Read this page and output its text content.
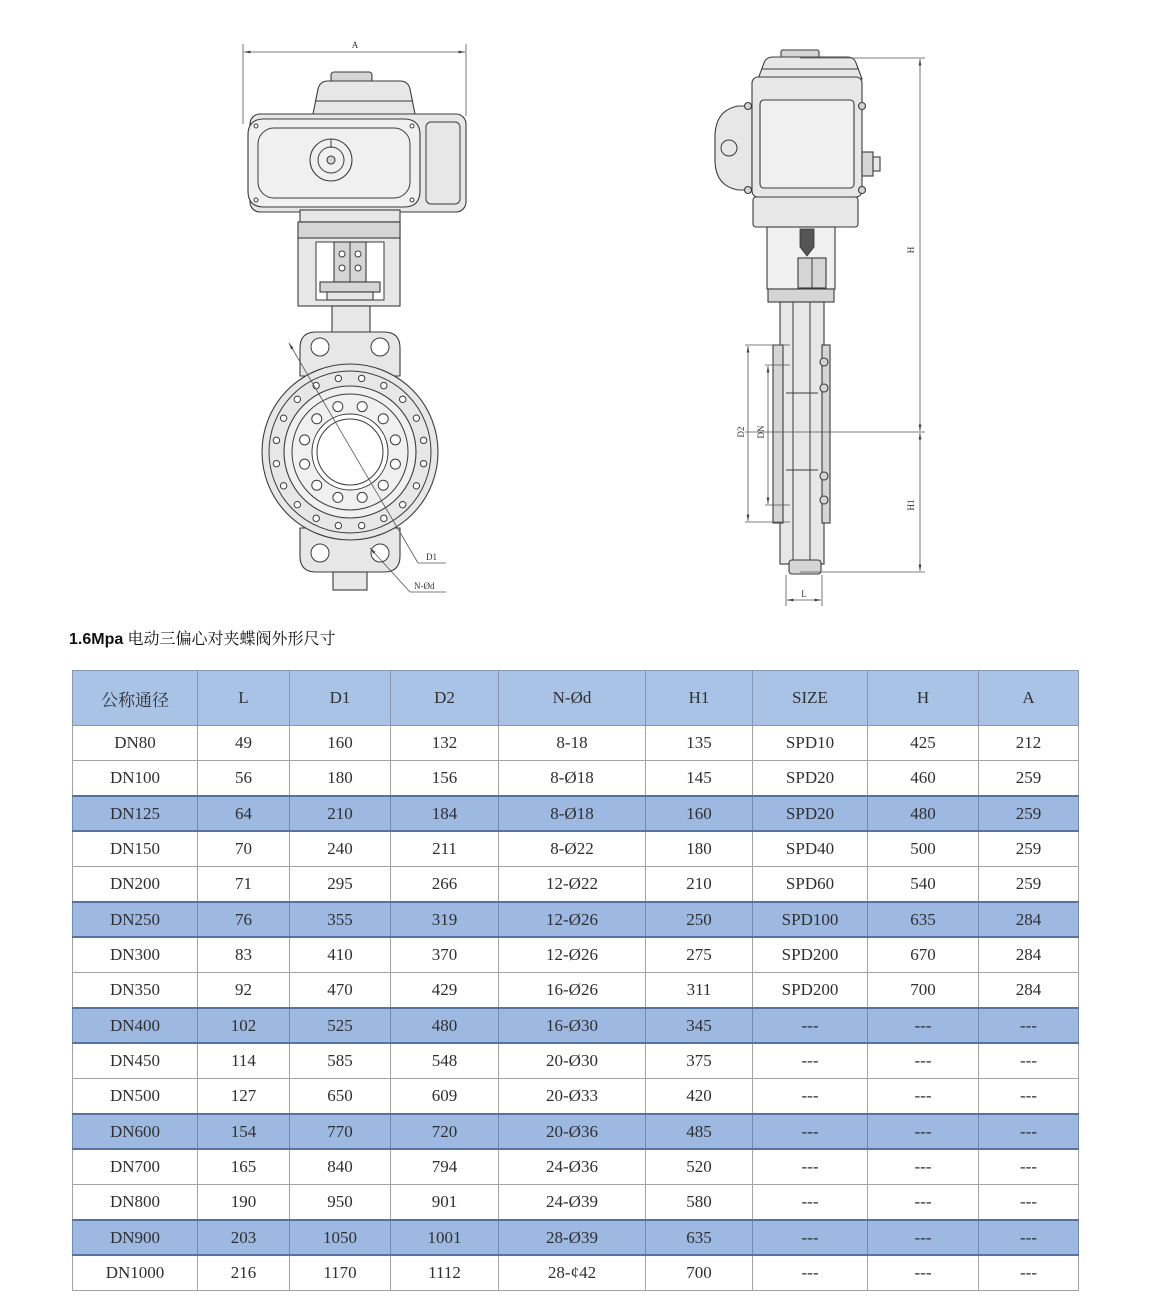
A
D1
N-Ød
H
H1
D2 DN
L
1.6Mpa 电动三偏心对夹蝶阀外形尺寸
公称通径	L	D1	D2	N-Ød	H1	SIZE	H	A
DN80	49	160	132	8-18	135	SPD10	425	212
DN100	56	180	156	8-Ø18	145	SPD20	460	259
DN125	64	210	184	8-Ø18	160	SPD20	480	259
DN150	70	240	211	8-Ø22	180	SPD40	500	259
DN200	71	295	266	12-Ø22	210	SPD60	540	259
DN250	76	355	319	12-Ø26	250	SPD100	635	284
DN300	83	410	370	12-Ø26	275	SPD200	670	284
DN350	92	470	429	16-Ø26	311	SPD200	700	284
DN400	102	525	480	16-Ø30	345	---	---	---
DN450	114	585	548	20-Ø30	375	---	---	---
DN500	127	650	609	20-Ø33	420	---	---	---
DN600	154	770	720	20-Ø36	485	---	---	---
DN700	165	840	794	24-Ø36	520	---	---	---
DN800	190	950	901	24-Ø39	580	---	---	---
DN900	203	1050	1001	28-Ø39	635	---	---	---
DN1000	216	1170	1112	28-¢42	700	---	---	---
